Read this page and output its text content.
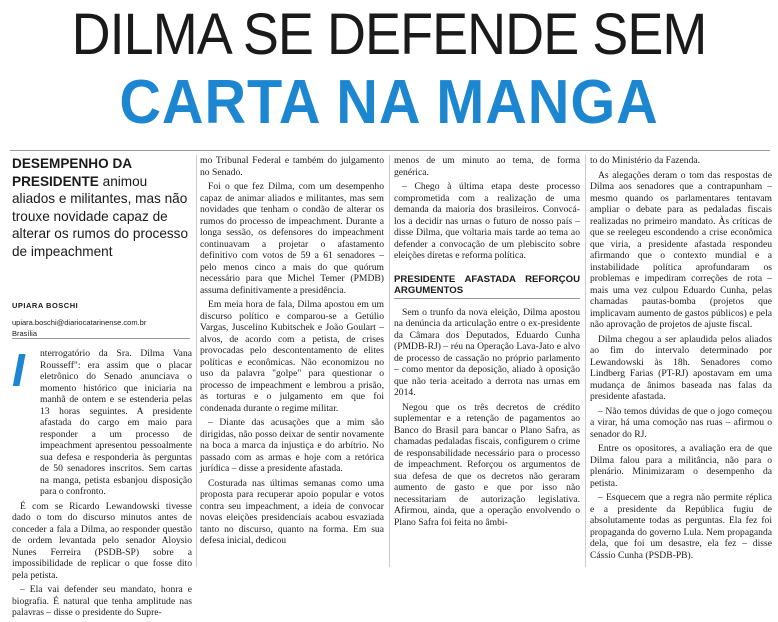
DILMA SE DEFENDE SEM
CARTA NA MANGA
DESEMPENHO DA PRESIDENTE animou aliados e militantes, mas não trouxe novidade capaz de alterar os rumos do processo de impeachment
UPIARA BOSCHI
upiara.boschi@diariocatarinense.com.br
Brasília
I	nterrogatório da Sra. Dilma Vana Rousseff": era assim que o placar eletrônico do Senado anunciava o momento histórico que iniciaria na manhã de ontem e se estenderia pelas 13 horas seguintes. A presidente afastada do cargo em maio para responder a um processo de impeachment apresentou pessoalmente sua defesa e responderia às perguntas de 50 senadores inscritos. Sem cartas na manga, petista esbanjou disposição para o confronto.

É com se Ricardo Lewandowski tivesse dado o tom do discurso minutos antes de conceder a fala a Dilma, ao responder questão de ordem levantada pelo senador Aloysio Nunes Ferreira (PSDB-SP) sobre a impossibilidade de replicar o que fosse dito pela petista.

– Ela vai defender seu mandato, honra e biografia. É natural que tenha amplitude nas palavras – disse o presidente do Supre-

mo Tribunal Federal e também do julgamento no Senado.

Foi o que fez Dilma, com um desempenho capaz de animar aliados e militantes, mas sem novidades que tenham o condão de alterar os rumos do processo de impeachment. Durante a longa sessão, os defensores do impeachment continuavam a projetar o afastamento definitivo com votos de 59 a 61 senadores – pelo menos cinco a mais do que quórum necessário para que Michel Temer (PMDB) assuma definitivamente a presidência.

Em meia hora de fala, Dilma apostou em um discurso político e comparou-se a Getúlio Vargas, Juscelino Kubitschek e João Goulart – alvos, de acordo com a petista, de crises provocadas pelo descontentamento de elites políticas e econômicas. Não economizou no uso da palavra "golpe" para questionar o processo de impeachment e lembrou a prisão, as torturas e o julgamento em que foi condenada durante o regime militar.

– Diante das acusações que a mim são dirigidas, não posso deixar de sentir novamente na boca a marca da injustiça e do arbítrio. No passado com as armas e hoje com a retórica jurídica – disse a presidente afastada.

Costurada nas últimas semanas como uma proposta para recuperar apoio popular e votos contra seu impeachment, a ideia de convocar novas eleições presidenciais acabou esvaziada tanto no discurso, quanto na forma. Em sua defesa inicial, dedicou

menos de um minuto ao tema, de forma genérica.

– Chego à última etapa deste processo comprometida com a realização de uma demanda da maioria dos brasileiros. Convocá-los a decidir nas urnas o futuro de nosso país – disse Dilma, que voltaria mais tarde ao tema ao defender a convocação de um plebiscito sobre eleições diretas e reforma política.

PRESIDENTE AFASTADA REFORÇOU ARGUMENTOS

Sem o trunfo da nova eleição, Dilma apostou na denúncia da articulação entre o ex-presidente da Câmara dos Deputados, Eduardo Cunha (PMDB-RJ) – réu na Operação Lava-Jato e alvo de processo de cassação no próprio parlamento – como mentor da deposição, aliado à oposição que não teria aceitado a derrota nas urnas em 2014.

Negou que os três decretos de crédito suplementar e a retenção de pagamentos ao Banco do Brasil para bancar o Plano Safra, as chamadas pedaladas fiscais, configurem o crime de responsabilidade necessário para o processo de impeachment. Reforçou os argumentos de sua defesa de que os decretos não geraram aumento de gasto e que por isso não necessitariam de autorização legislativa. Afirmou, ainda, que a operação envolvendo o Plano Safra foi feita no âmbi-

to do Ministério da Fazenda.

As alegações deram o tom das respostas de Dilma aos senadores que a contrapunham – mesmo quando os parlamentares tentavam ampliar o debate para as pedaladas fiscais realizadas no primeiro mandato. Às críticas de que se reelegeu escondendo a crise econômica que viria, a presidente afastada respondeu afirmando que o contexto mundial e a instabilidade política aprofundaram os problemas e impediram correções de rota – mais uma vez culpou Eduardo Cunha, pelas chamadas pautas-bomba (projetos que implicavam aumento de gastos públicos) e pela não aprovação de projetos de ajuste fiscal.

Dilma chegou a ser aplaudida pelos aliados ao fim do intervalo determinado por Lewandowski às 18h. Senadores como Lindberg Farias (PT-RJ) apostavam em uma mudança de ânimos baseada nas falas da presidente afastada.

– Não temos dúvidas de que o jogo começou a virar, há uma comoção nas ruas – afirmou o senador do RJ.

Entre os opositores, a avaliação era de que Dilma falou para a militância, não para o plenário. Minimizaram o desempenho da petista.

– Esquecem que a regra não permite réplica e a presidente da República fugiu de absolutamente todas as perguntas. Ela fez foi propaganda do governo Lula. Nem propaganda dela, que foi um desastre, ela fez – disse Cássio Cunha (PSDB-PB).
